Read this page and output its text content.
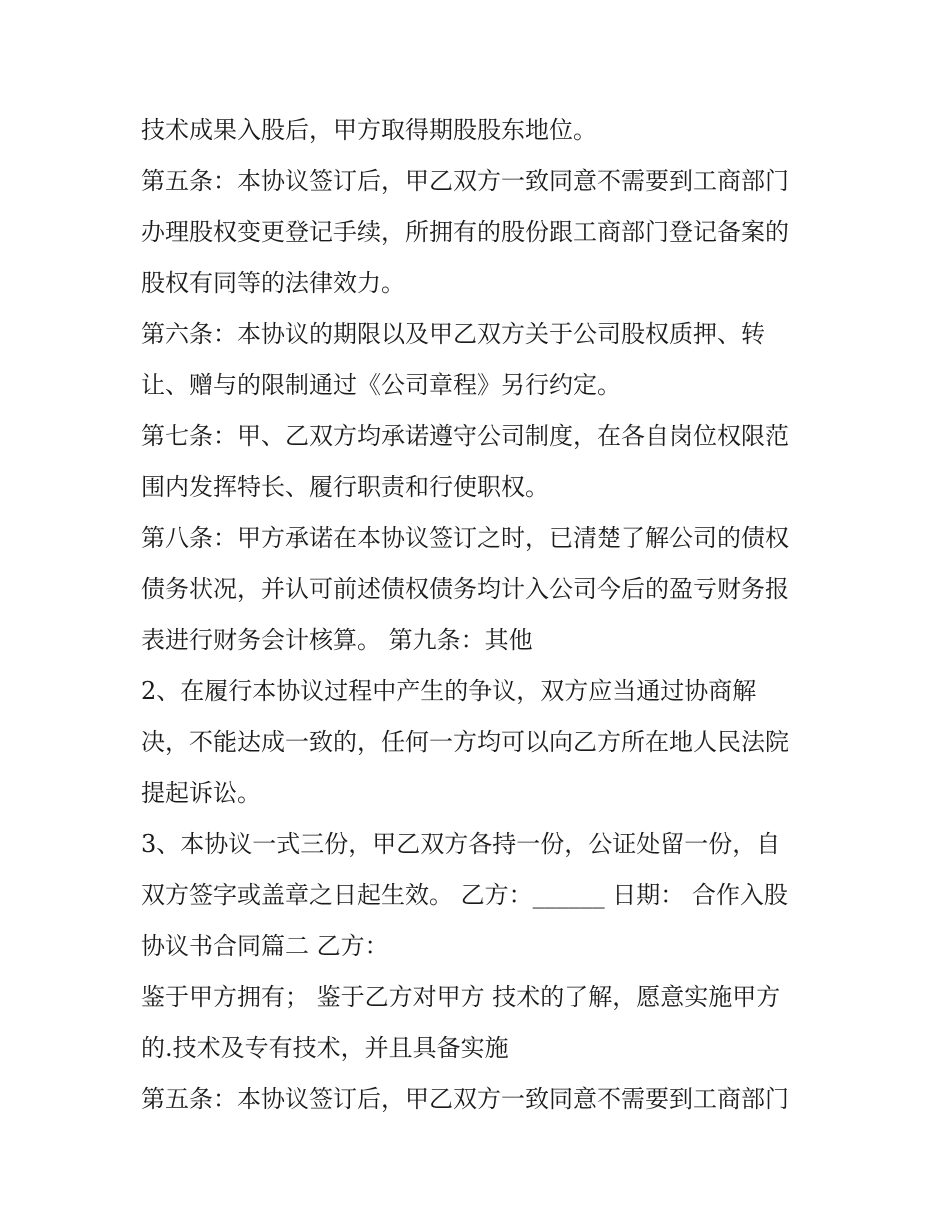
技术成果入股后，甲方取得期股股东地位。
第五条：本协议签订后，甲乙双方一致同意不需要到工商部门
办理股权变更登记手续，所拥有的股份跟工商部门登记备案的
股权有同等的法律效力。
第六条：本协议的期限以及甲乙双方关于公司股权质押、转
让、赠与的限制通过《公司章程》另行约定。
第七条：甲、乙双方均承诺遵守公司制度，在各自岗位权限范
围内发挥特长、履行职责和行使职权。
第八条：甲方承诺在本协议签订之时，已清楚了解公司的债权
债务状况，并认可前述债权债务均计入公司今后的盈亏财务报
表进行财务会计核算。 第九条：其他
2、在履行本协议过程中产生的争议，双方应当通过协商解
决，不能达成一致的，任何一方均可以向乙方所在地人民法院
提起诉讼。
3、本协议一式三份，甲乙双方各持一份，公证处留一份，自
双方签字或盖章之日起生效。 乙方：______ 日期： 合作入股
协议书合同篇二 乙方：
鉴于甲方拥有； 鉴于乙方对甲方 技术的了解，愿意实施甲方
的.技术及专有技术，并且具备实施
第五条：本协议签订后，甲乙双方一致同意不需要到工商部门
